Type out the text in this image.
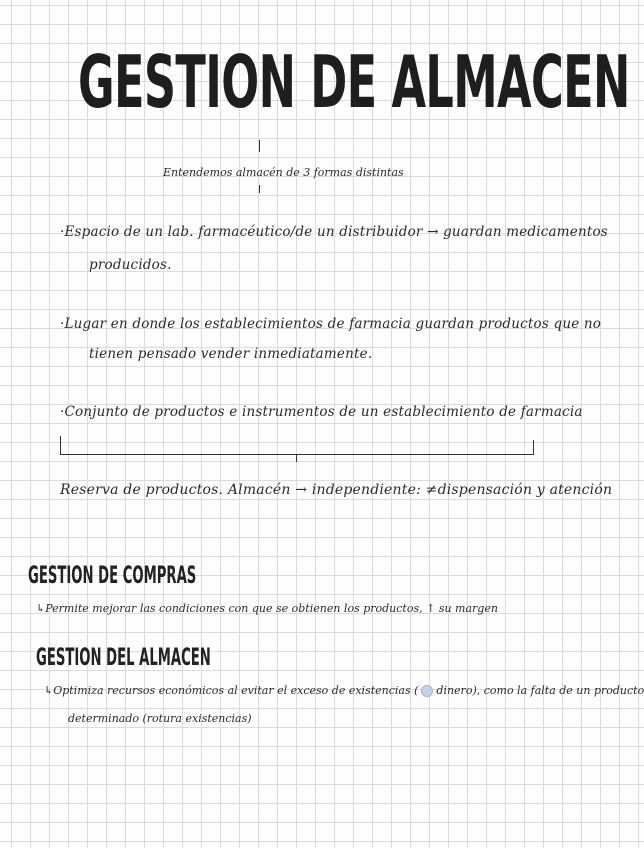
GESTION DE ALMACEN
Entendemos almacén de 3 formas distintas
·Espacio de un lab. farmacéutico/de un distribuidor → guardan medicamentos
producidos.
·Lugar en donde los establecimientos de farmacia guardan productos que no
tienen pensado vender inmediatamente.
·Conjunto de productos e instrumentos de un establecimiento de farmacia
Reserva de productos. Almacén → independiente: ≠dispensación y atención
GESTION DE COMPRAS
↳Permite mejorar las condiciones con que se obtienen los productos, ↑ su margen
GESTION DEL ALMACEN
↳Optimiza recursos económicos al evitar el exceso de existencias ( dinero), como la falta de un producto
determinado (rotura existencias)
